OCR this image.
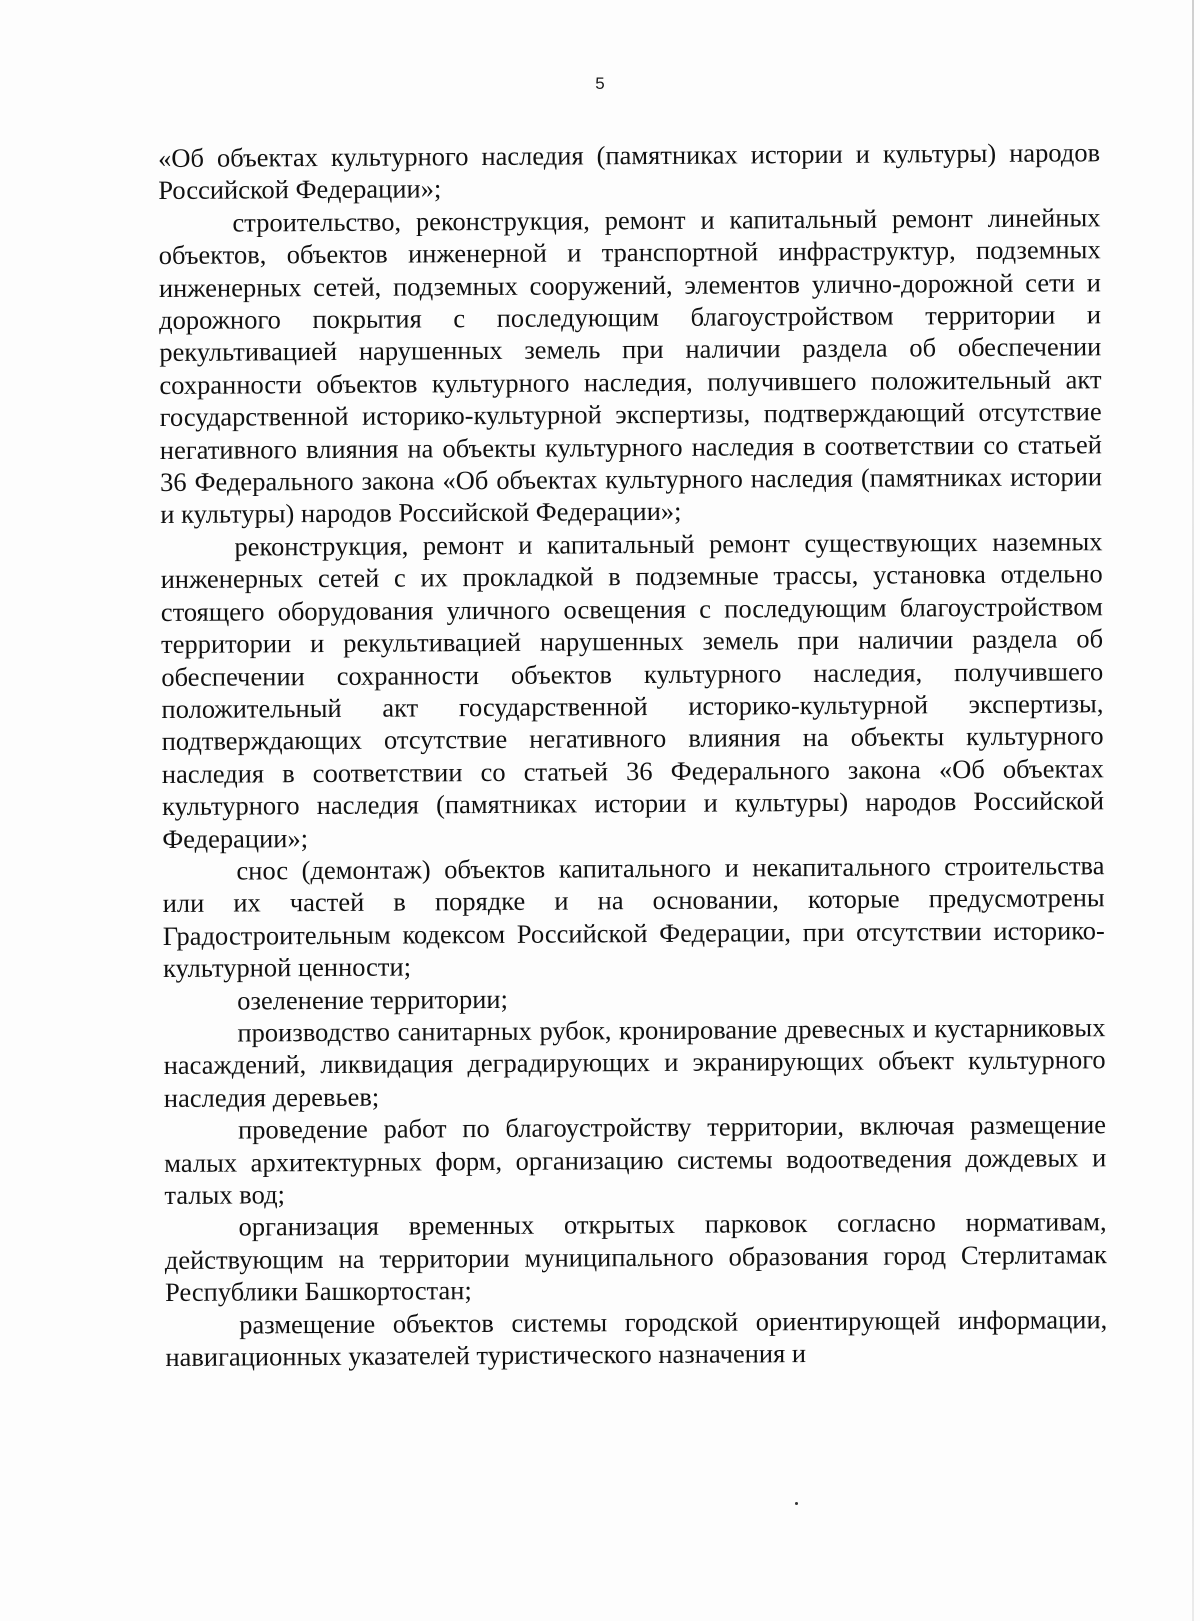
5

«Об объектах культурного наследия (памятниках истории и культуры) народов Российской Федерации»;

строительство, реконструкция, ремонт и капитальный ремонт линейных объектов, объектов инженерной и транспортной инфраструктур, подземных инженерных сетей, подземных сооружений, элементов улично-дорожной сети и дорожного покрытия с последующим благоустройством территории и рекультивацией нарушенных земель при наличии раздела об обеспечении сохранности объектов культурного наследия, получившего положительный акт государственной историко-культурной экспертизы, подтверждающий отсутствие негативного влияния на объекты культурного наследия в соответствии со статьей 36 Федерального закона «Об объектах культурного наследия (памятниках истории и культуры) народов Российской Федерации»;

реконструкция, ремонт и капитальный ремонт существующих наземных инженерных сетей с их прокладкой в подземные трассы, установка отдельно стоящего оборудования уличного освещения с последующим благоустройством территории и рекультивацией нарушенных земель при наличии раздела об обеспечении сохранности объектов культурного наследия, получившего положительный акт государственной историко-культурной экспертизы, подтверждающих отсутствие негативного влияния на объекты культурного наследия в соответствии со статьей 36 Федерального закона «Об объектах культурного наследия (памятниках истории и культуры) народов Российской Федерации»;

снос (демонтаж) объектов капитального и некапитального строительства или их частей в порядке и на основании, которые предусмотрены Градостроительным кодексом Российской Федерации, при отсутствии историко-культурной ценности;

озеленение территории;

производство санитарных рубок, кронирование древесных и кустарниковых насаждений, ликвидация деградирующих и экранирующих объект культурного наследия деревьев;

проведение работ по благоустройству территории, включая размещение малых архитектурных форм, организацию системы водоотведения дождевых и талых вод;

организация временных открытых парковок согласно нормативам, действующим на территории муниципального образования город Стерлитамак Республики Башкортостан;

размещение объектов системы городской ориентирующей информации, навигационных указателей туристического назначения и
